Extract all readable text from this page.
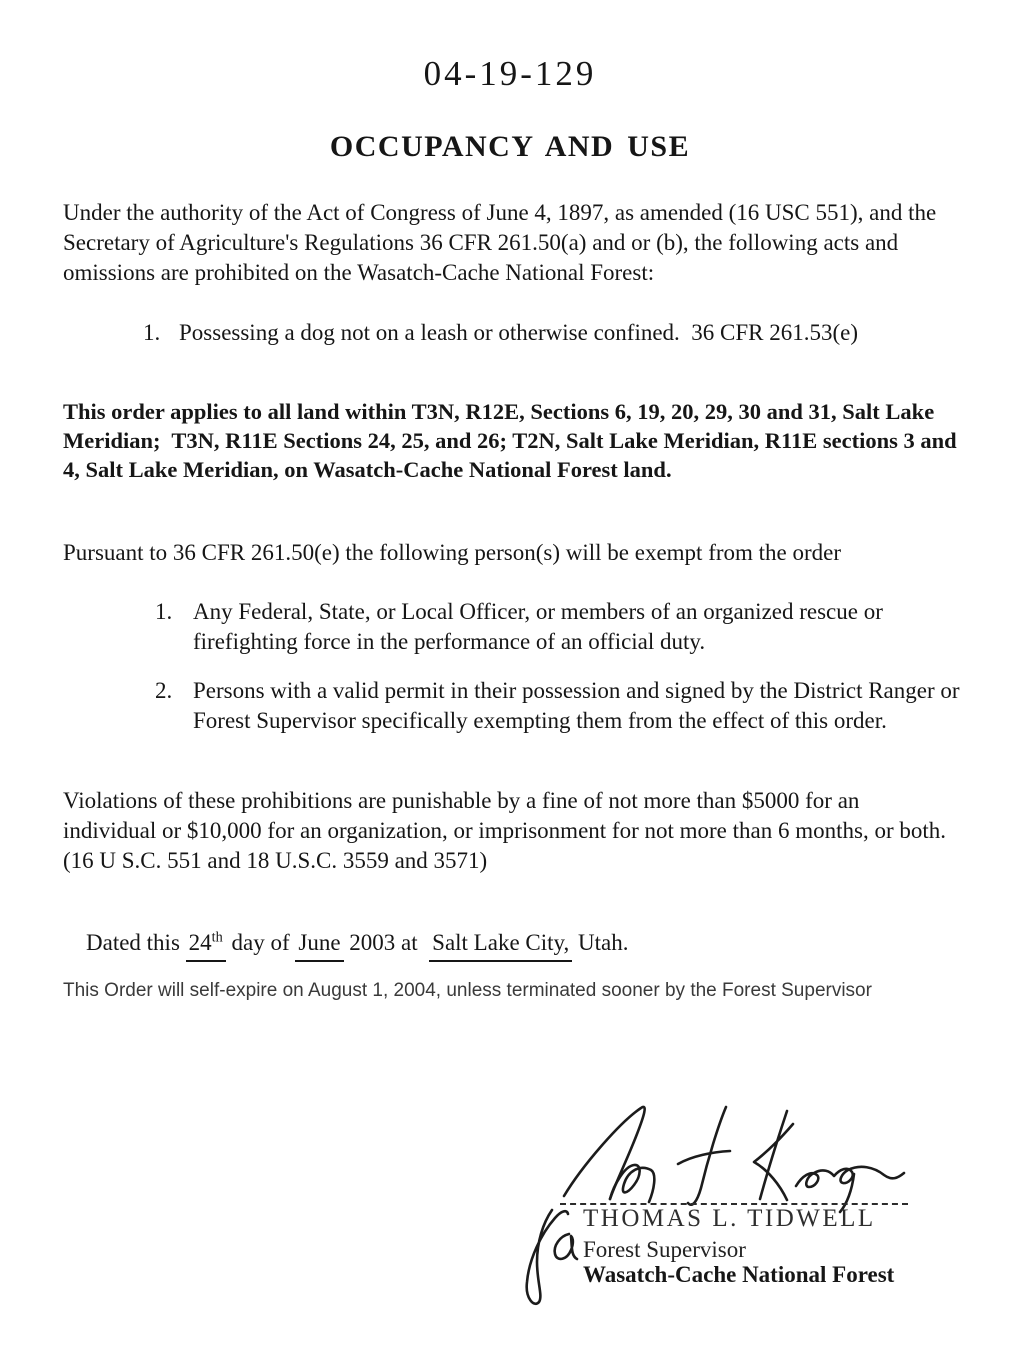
04-19-129
OCCUPANCY AND USE
Under the authority of the Act of Congress of June 4, 1897, as amended (16 USC 551), and the Secretary of Agriculture's Regulations 36 CFR 261.50(a) and or (b), the following acts and omissions are prohibited on the Wasatch-Cache National Forest:
1. Possessing a dog not on a leash or otherwise confined.  36 CFR 261.53(e)
This order applies to all land within T3N, R12E, Sections 6, 19, 20, 29, 30 and 31, Salt Lake Meridian;  T3N, R11E Sections 24, 25, and 26; T2N, Salt Lake Meridian, R11E sections 3 and 4, Salt Lake Meridian, on Wasatch-Cache National Forest land.
Pursuant to 36 CFR 261.50(e) the following person(s) will be exempt from the order
1. Any Federal, State, or Local Officer, or members of an organized rescue or firefighting force in the performance of an official duty.
2. Persons with a valid permit in their possession and signed by the District Ranger or Forest Supervisor specifically exempting them from the effect of this order.
Violations of these prohibitions are punishable by a fine of not more than $5000 for an individual or $10,000 for an organization, or imprisonment for not more than 6 months, or both.  (16 U S.C. 551 and 18 U.S.C. 3559 and 3571)

Dated this 24th day of June 2003 at  Salt Lake City, Utah.

This Order will self-expire on August 1, 2004, unless terminated sooner by the Forest Supervisor
THOMAS L. TIDWELL
Forest Supervisor
Wasatch-Cache National Forest
